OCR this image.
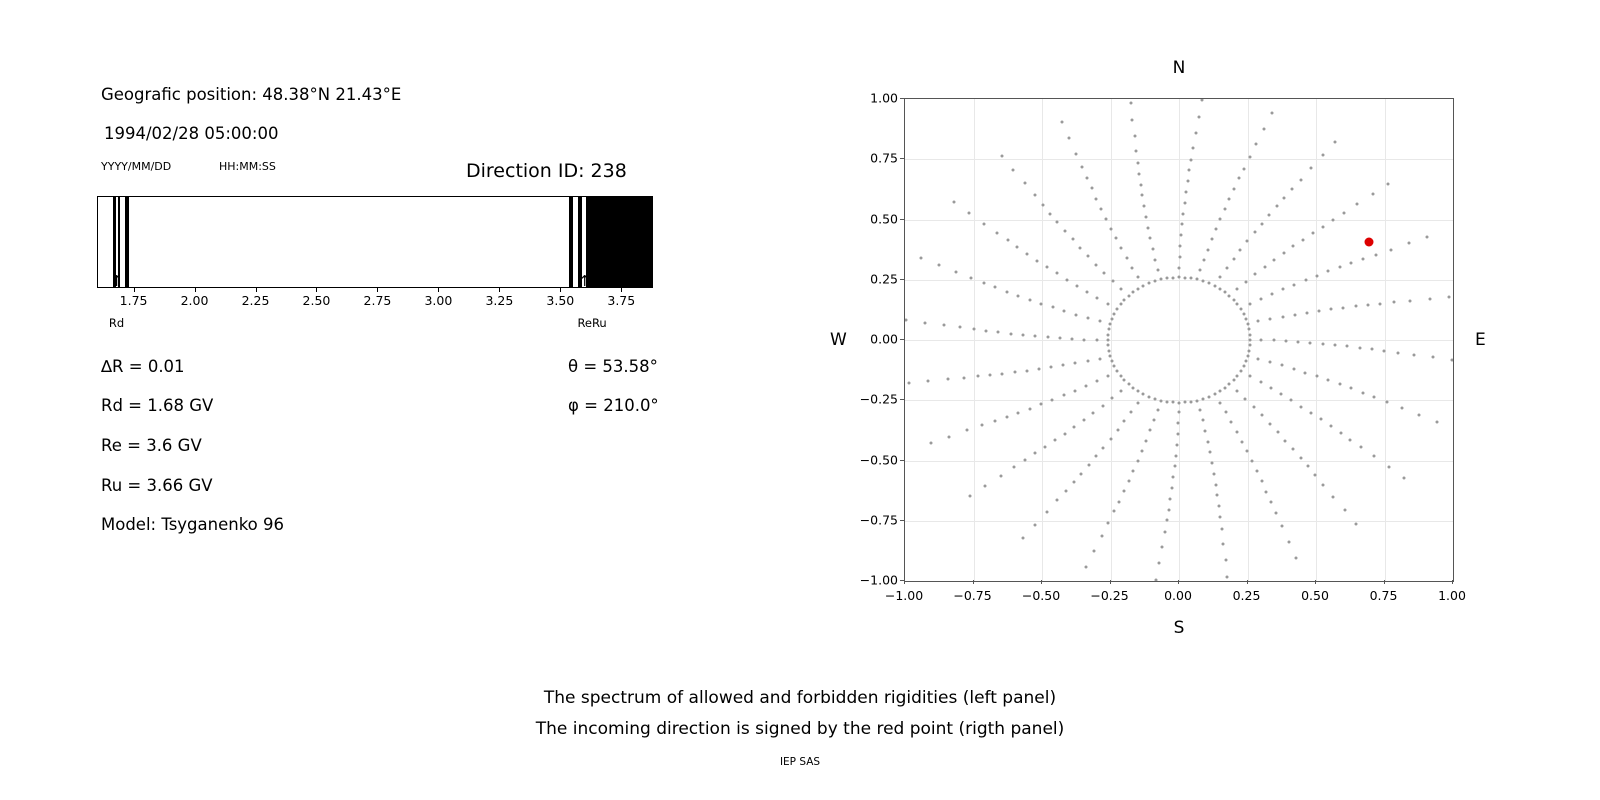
Geografic position: 48.38°N 21.43°E
1994/02/28 05:00:00
YYYY/MM/DD	HH:MM:SS	Direction ID: 238
1.75	2.00	2.25	2.50	2.75	3.00	3.25	3.50	3.75
↑
Rd
↑
Re
↑
Ru
∆R = 0.01
Rd = 1.68 GV
Re = 3.6 GV
Ru = 3.66 GV
Model: Tsyganenko 96
θ = 53.58°
φ = 210.0°
N
S
W	E
−1.00
−0.75
−0.50
−0.25
0.00
0.25
0.50
0.75
1.00
−1.00 −0.75 −0.50 −0.25	0.00	0.25	0.50	0.75	1.00
The spectrum of allowed and forbidden rigidities (left panel)
The incoming direction is signed by the red point (rigth panel)
IEP SAS
